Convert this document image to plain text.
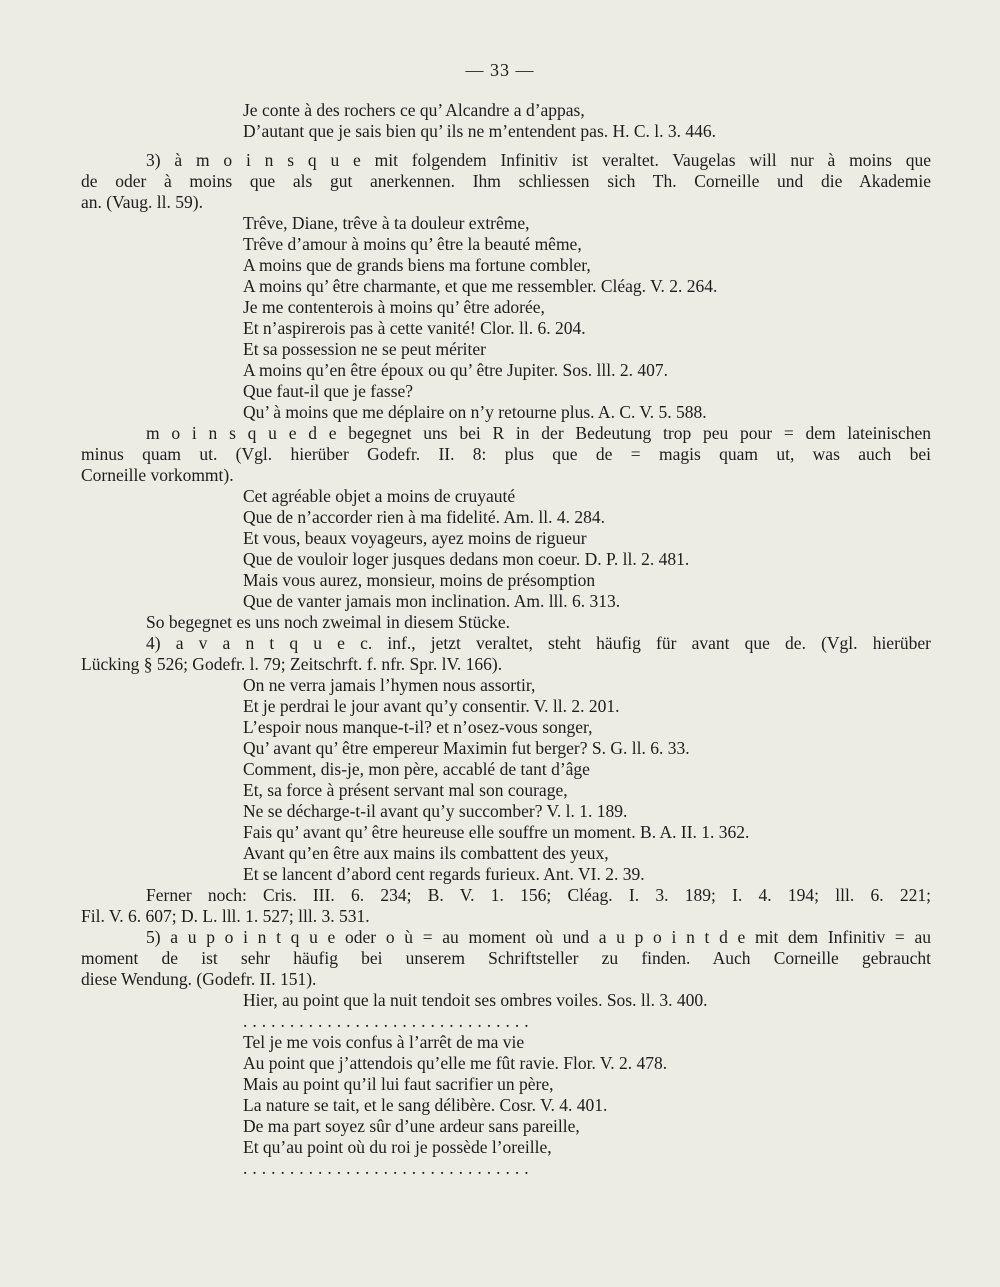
— 33 —
Je conte à des rochers ce qu’ Alcandre a d’appas,
D’autant que je sais bien qu’ ils ne m’entendent pas. H. C. l. 3. 446.
3) à m o i n s q u e mit folgendem Infinitiv ist veraltet. Vaugelas will nur à moins que
de oder à moins que als gut anerkennen. Ihm schliessen sich Th. Corneille und die Akademie
an. (Vaug. ll. 59).
Trêve, Diane, trêve à ta douleur extrême,
Trêve d’amour à moins qu’ être la beauté même,
A moins que de grands biens ma fortune combler,
A moins qu’ être charmante, et que me ressembler. Cléag. V. 2. 264.
Je me contenterois à moins qu’ être adorée,
Et n’aspirerois pas à cette vanité! Clor. ll. 6. 204.
Et sa possession ne se peut mériter
A moins qu’en être époux ou qu’ être Jupiter. Sos. lll. 2. 407.
Que faut-il que je fasse?
Qu’ à moins que me déplaire on n’y retourne plus. A. C. V. 5. 588.
m o i n s q u e d e begegnet uns bei R in der Bedeutung trop peu pour = dem lateinischen
minus quam ut. (Vgl. hierüber Godefr. II. 8: plus que de = magis quam ut, was auch bei
Corneille vorkommt).
Cet agréable objet a moins de cruyauté
Que de n’accorder rien à ma fidelité. Am. ll. 4. 284.
Et vous, beaux voyageurs, ayez moins de rigueur
Que de vouloir loger jusques dedans mon coeur. D. P. ll. 2. 481.
Mais vous aurez, monsieur, moins de présomption
Que de vanter jamais mon inclination. Am. lll. 6. 313.
So begegnet es uns noch zweimal in diesem Stücke.
4) a v a n t q u e c. inf., jetzt veraltet, steht häufig für avant que de. (Vgl. hierüber
Lücking § 526; Godefr. l. 79; Zeitschrft. f. nfr. Spr. lV. 166).
On ne verra jamais l’hymen nous assortir,
Et je perdrai le jour avant qu’y consentir. V. ll. 2. 201.
L’espoir nous manque-t-il? et n’osez-vous songer,
Qu’ avant qu’ être empereur Maximin fut berger? S. G. ll. 6. 33.
Comment, dis-je, mon père, accablé de tant d’âge
Et, sa force à présent servant mal son courage,
Ne se décharge-t-il avant qu’y succomber? V. l. 1. 189.
Fais qu’ avant qu’ être heureuse elle souffre un moment. B. A. II. 1. 362.
Avant qu’en être aux mains ils combattent des yeux,
Et se lancent d’abord cent regards furieux. Ant. VI. 2. 39.
Ferner noch: Cris. III. 6. 234; B. V. 1. 156; Cléag. I. 3. 189; I. 4. 194; lll. 6. 221;
Fil. V. 6. 607; D. L. lll. 1. 527; lll. 3. 531.
5) a u p o i n t q u e oder o ù = au moment où und a u p o i n t d e mit dem Infinitiv = au
moment de ist sehr häufig bei unserem Schriftsteller zu finden. Auch Corneille gebraucht
diese Wendung. (Godefr. II. 151).
Hier, au point que la nuit tendoit ses ombres voiles. Sos. ll. 3. 400.
...............................
Tel je me vois confus à l’arrêt de ma vie
Au point que j’attendois qu’elle me fût ravie. Flor. V. 2. 478.
Mais au point qu’il lui faut sacrifier un père,
La nature se tait, et le sang délibère. Cosr. V. 4. 401.
De ma part soyez sûr d’une ardeur sans pareille,
Et qu’au point où du roi je possède l’oreille,
...............................
